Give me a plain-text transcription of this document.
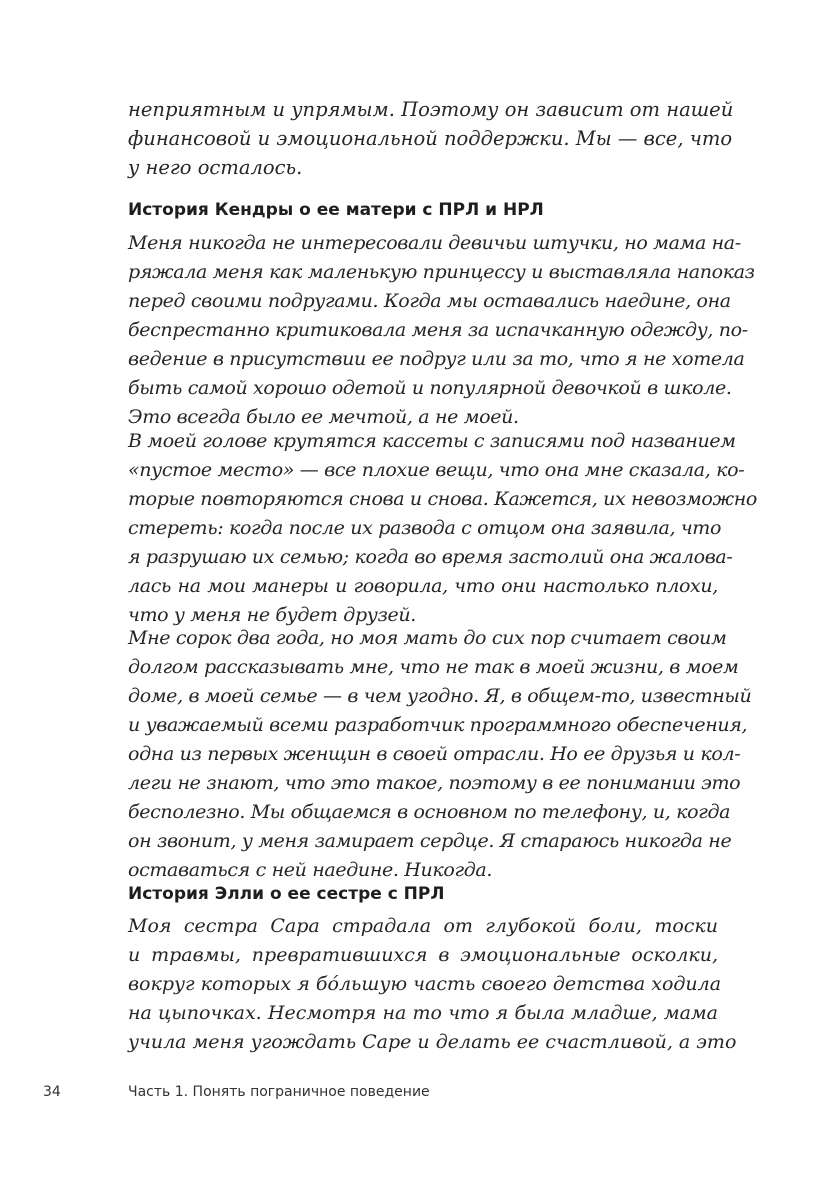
неприятным и упрямым. Поэтому он зависит от нашей
финансовой и эмоциональной поддержки. Мы — все, что
у него осталось.
История Кендры о ее матери с ПРЛ и НРЛ
Меня никогда не интересовали девичьи штучки, но мама на-
ряжала меня как маленькую принцессу и выставляла напоказ
перед своими подругами. Когда мы оставались наедине, она
беспрестанно критиковала меня за испачканную одежду, по-
ведение в присутствии ее подруг или за то, что я не хотела
быть самой хорошо одетой и популярной девочкой в школе.
Это всегда было ее мечтой, а не моей.
В моей голове крутятся кассеты с записями под названием
«пустое место» — все плохие вещи, что она мне сказала, ко-
торые повторяются снова и снова. Кажется, их невозможно
стереть: когда после их развода с отцом она заявила, что
я разрушаю их семью; когда во время застолий она жалова-
лась на мои манеры и говорила, что они настолько плохи,
что у меня не будет друзей.
Мне сорок два года, но моя мать до сих пор считает своим
долгом рассказывать мне, что не так в моей жизни, в моем
доме, в моей семье — в чем угодно. Я, в общем-то, известный
и уважаемый всеми разработчик программного обеспечения,
одна из первых женщин в своей отрасли. Но ее друзья и кол-
леги не знают, что это такое, поэтому в ее понимании это
бесполезно. Мы общаемся в основном по телефону, и, когда
он звонит, у меня замирает сердце. Я стараюсь никогда не
оставаться с ней наедине. Никогда.
История Элли о ее сестре с ПРЛ
Моя сестра Сара страдала от глубокой боли, тоски
и травмы, превратившихся в эмоциональные осколки,
вокруг которых я бо́льшую часть своего детства ходила
на цыпочках. Несмотря на то что я была младше, мама
учила меня угождать Саре и делать ее счастливой, а это
34	Часть 1. Понять пограничное поведение
